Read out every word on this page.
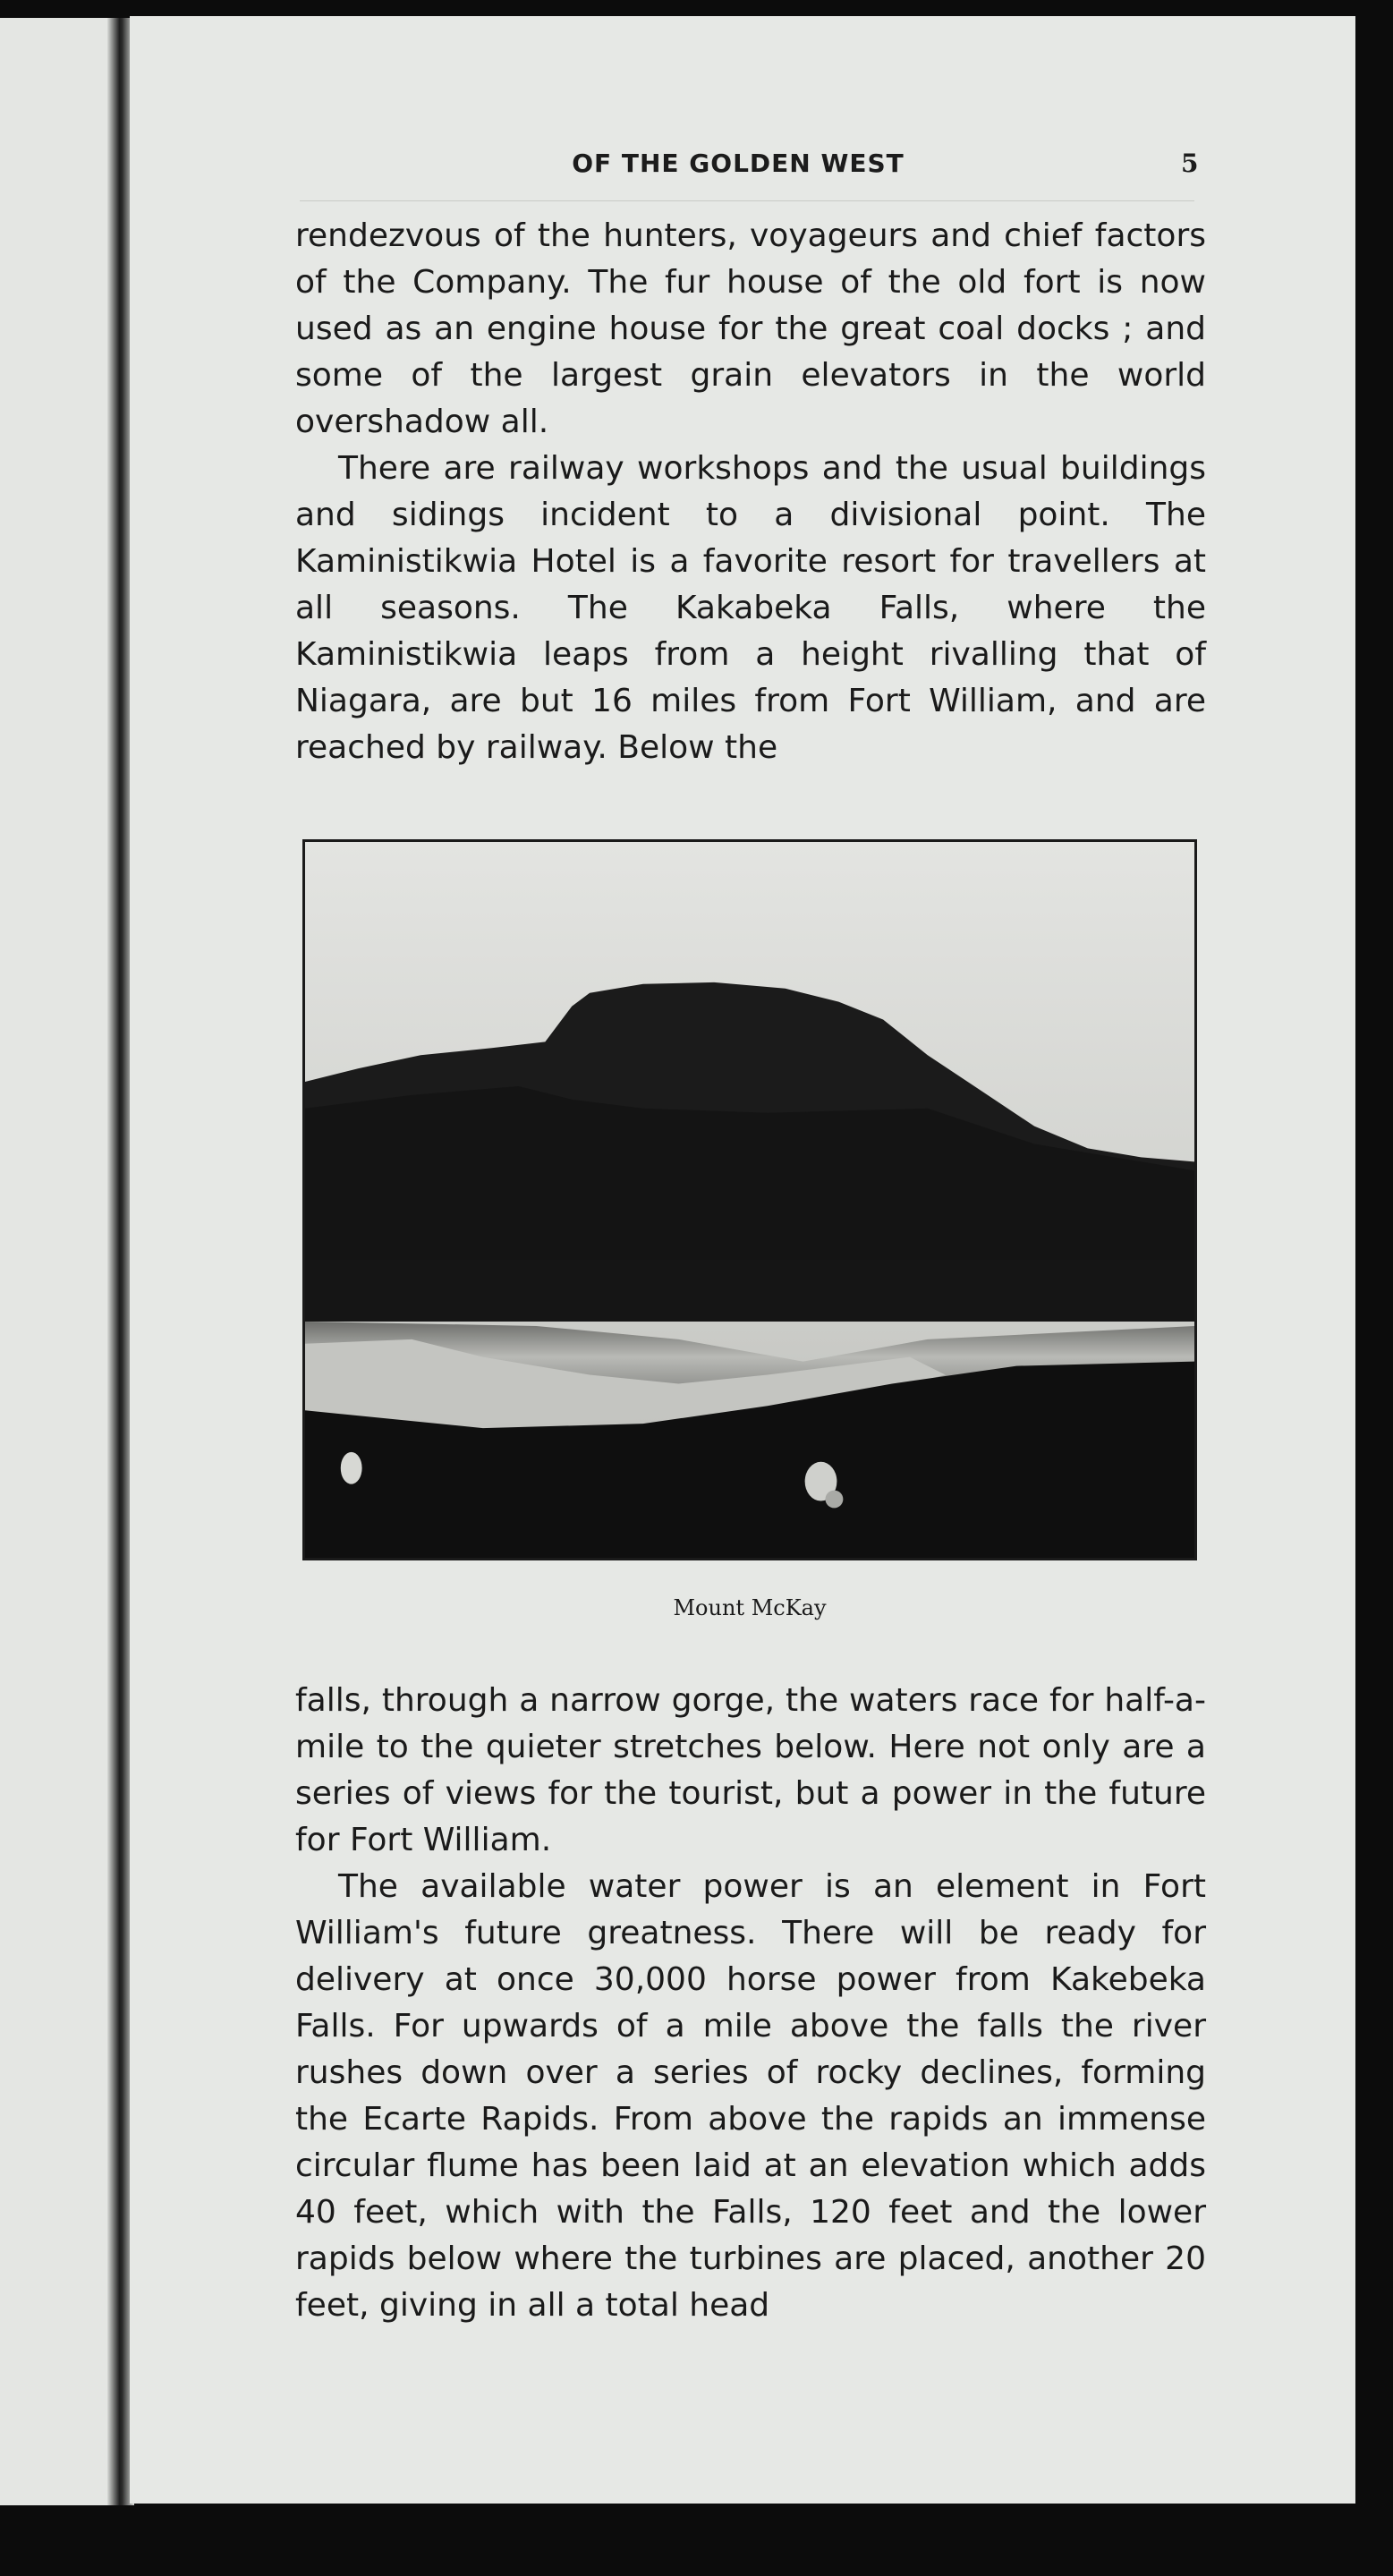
OF THE GOLDEN WEST	5

rendezvous of the hunters, voyageurs and chief factors of the Company. The fur house of the old fort is now used as an engine house for the great coal docks ; and some of the largest grain elevators in the world overshadow all.

There are railway workshops and the usual buildings and sidings incident to a divisional point. The Kaministikwia Hotel is a favorite resort for travellers at all seasons. The Kakabeka Falls, where the Kaministikwia leaps from a height rivalling that of Niagara, are but 16 miles from Fort William, and are reached by railway. Below the

Mount McKay

falls, through a narrow gorge, the waters race for half-a-mile to the quieter stretches below. Here not only are a series of views for the tourist, but a power in the future for Fort William.

The available water power is an element in Fort William's future greatness. There will be ready for delivery at once 30,000 horse power from Kakebeka Falls. For upwards of a mile above the falls the river rushes down over a series of rocky declines, forming the Ecarte Rapids. From above the rapids an immense circular flume has been laid at an elevation which adds 40 feet, which with the Falls, 120 feet and the lower rapids below where the turbines are placed, another 20 feet, giving in all a total head
